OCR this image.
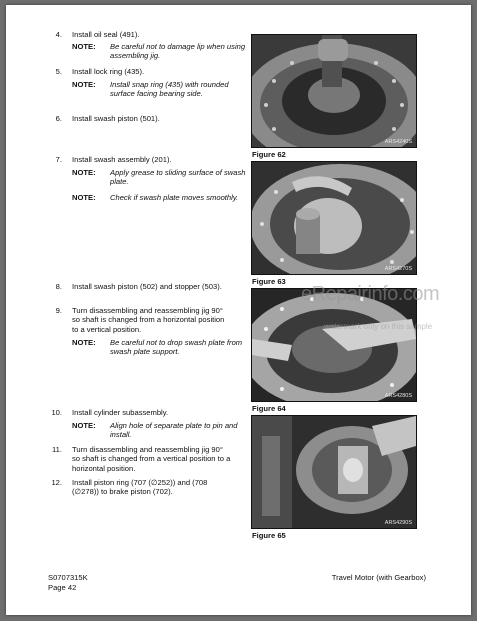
4. Install oil seal (491).
NOTE: Be careful not to damage lip when using assembling jig.
5. Install lock ring (435).
NOTE: Install snap ring (435) with rounded surface facing bearing side.
6. Install swash piston (501).
7. Install swash assembly (201).
NOTE: Apply grease to sliding surface of swash plate.
NOTE: Check if swash plate moves smoothly.
8. Install swash piston (502) and stopper (503).
9. Turn disassembling and reassembling jig 90° so shaft is changed from a horizontal position to a vertical position.
NOTE: Be careful not to drop swash plate from swash plate support.
10. Install cylinder subassembly.
NOTE: Align hole of separate plate to pin and install.
11. Turn disassembling and reassembling jig 90° so shaft is changed from a vertical position to a horizontal position.
12. Install piston ring (707 (∅252)) and (708 (∅278)) to brake piston (702).
ARS4240S
Figure 62
ARS4270S
Figure 63
ARS4280S
Figure 64
ARS4290S
Figure 65
eRepairinfo.com
watermark only on this sample
S0707315K
Page 42
Travel Motor (with Gearbox)
